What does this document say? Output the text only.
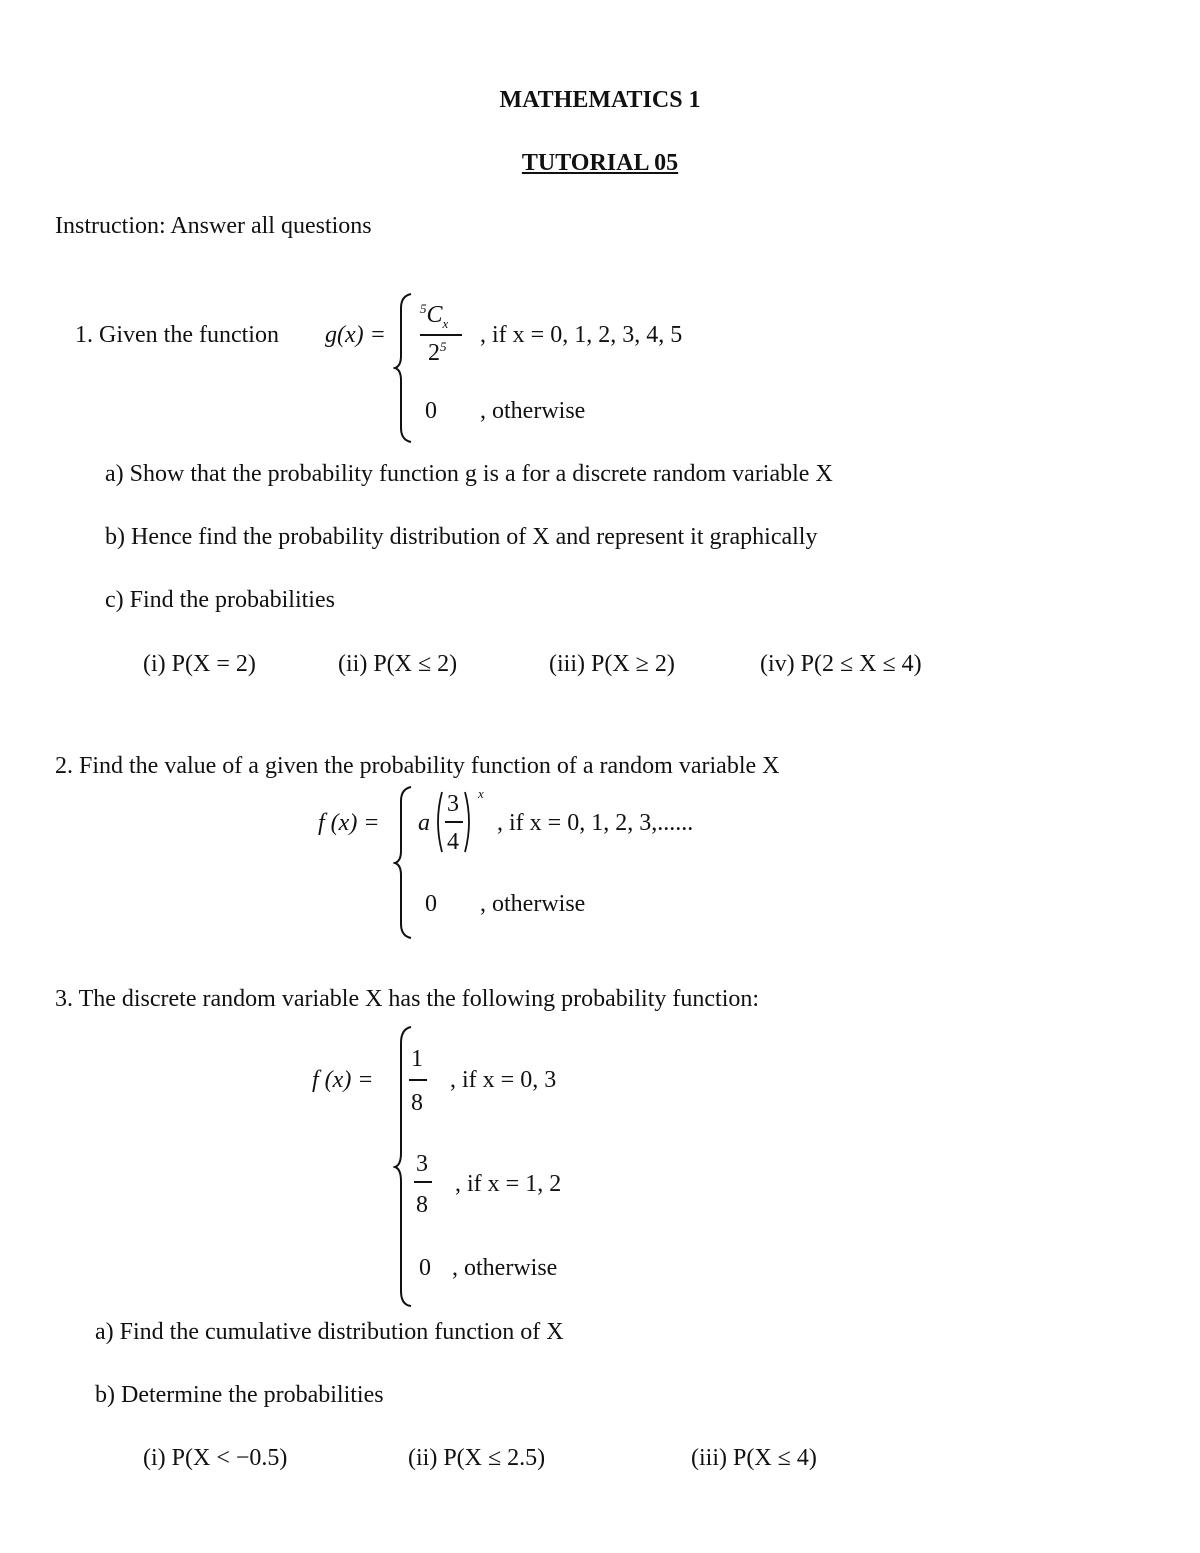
MATHEMATICS 1
TUTORIAL 05
Instruction: Answer all questions
1. Given the function g(x) =
$^5C_x$
$2^5$ , if x = 0, 1, 2, 3, 4, 5
0 , otherwise
a) Show that the probability function g is a for a discrete random variable X
b) Hence find the probability distribution of X and represent it graphically
c) Find the probabilities
(i) P(X = 2)	(ii) P(X ≤ 2)	(iii) P(X ≥ 2)	(iv) P(2 ≤ X ≤ 4)
2. Find the value of a given the probability function of a random variable X
f (x) = a
3
4
x
, if x = 0, 1, 2, 3,......
0 , otherwise
3. The discrete random variable X has the following probability function:
f (x) =
1
8
, if x = 0, 3
3
8
, if x = 1, 2
0 , otherwise
a) Find the cumulative distribution function of X
b) Determine the probabilities
(i) P(X < −0.5)	(ii) P(X ≤ 2.5)	(iii) P(X ≤ 4)
